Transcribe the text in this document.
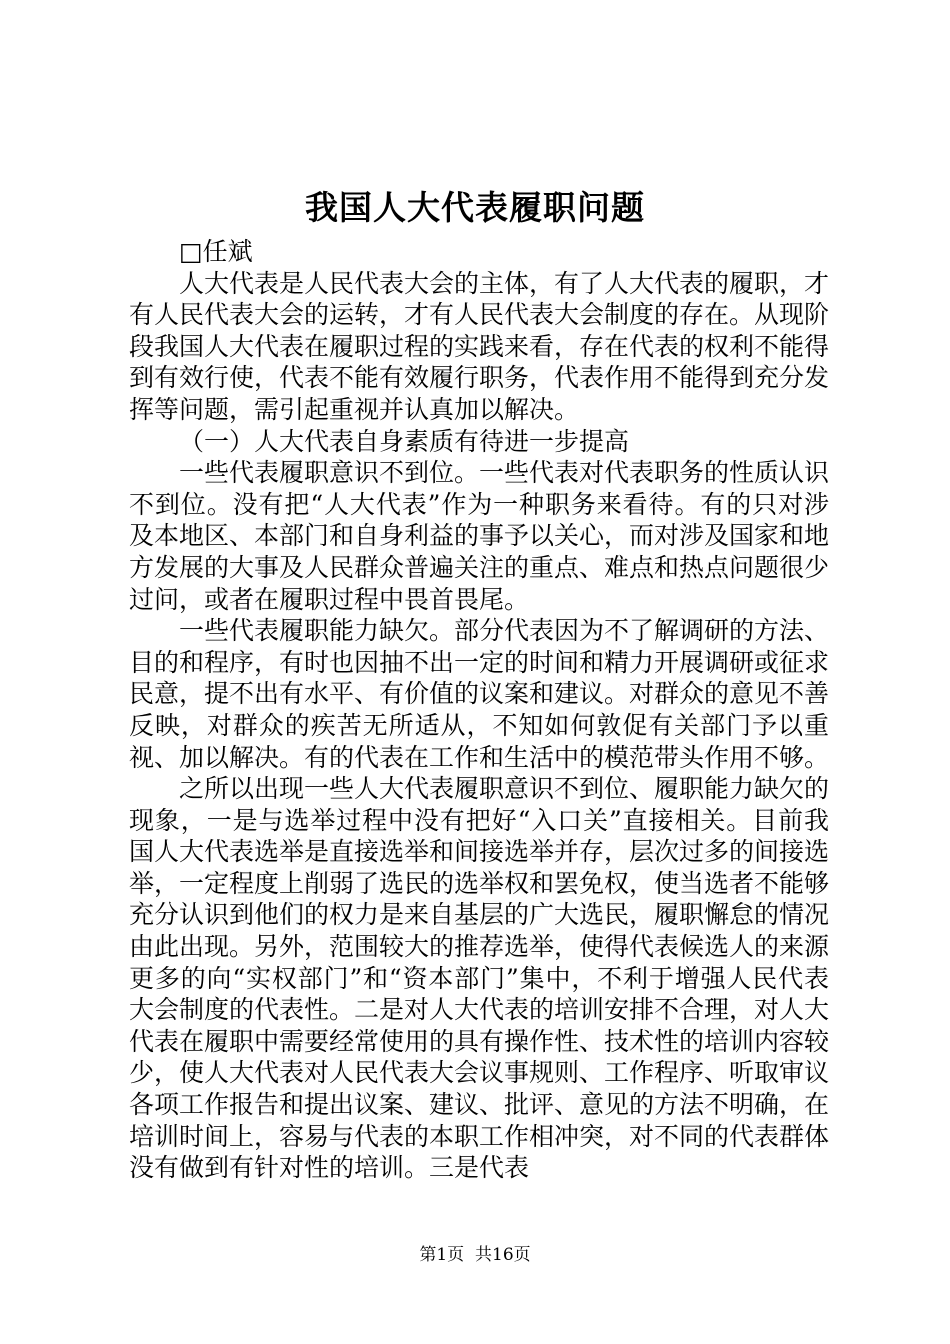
我国人大代表履职问题

□任斌

人大代表是人民代表大会的主体，有了人大代表的履职，才有人民代表大会的运转，才有人民代表大会制度的存在。从现阶段我国人大代表在履职过程的实践来看，存在代表的权利不能得到有效行使，代表不能有效履行职务，代表作用不能得到充分发挥等问题，需引起重视并认真加以解决。

（一）人大代表自身素质有待进一步提高

一些代表履职意识不到位。一些代表对代表职务的性质认识不到位。没有把“人大代表”作为一种职务来看待。有的只对涉及本地区、本部门和自身利益的事予以关心，而对涉及国家和地方发展的大事及人民群众普遍关注的重点、难点和热点问题很少过问，或者在履职过程中畏首畏尾。

一些代表履职能力缺欠。部分代表因为不了解调研的方法、目的和程序，有时也因抽不出一定的时间和精力开展调研或征求民意，提不出有水平、有价值的议案和建议。对群众的意见不善反映，对群众的疾苦无所适从，不知如何敦促有关部门予以重视、加以解决。有的代表在工作和生活中的模范带头作用不够。

之所以出现一些人大代表履职意识不到位、履职能力缺欠的现象，一是与选举过程中没有把好“入口关”直接相关。目前我国人大代表选举是直接选举和间接选举并存，层次过多的间接选举，一定程度上削弱了选民的选举权和罢免权，使当选者不能够充分认识到他们的权力是来自基层的广大选民，履职懈怠的情况由此出现。另外，范围较大的推荐选举，使得代表候选人的来源更多的向“实权部门”和“资本部门”集中，不利于增强人民代表大会制度的代表性。二是对人大代表的培训安排不合理，对人大代表在履职中需要经常使用的具有操作性、技术性的培训内容较少，使人大代表对人民代表大会议事规则、工作程序、听取审议各项工作报告和提出议案、建议、批评、意见的方法不明确，在培训时间上，容易与代表的本职工作相冲突，对不同的代表群体没有做到有针对性的培训。三是代表

第1页 共16页
